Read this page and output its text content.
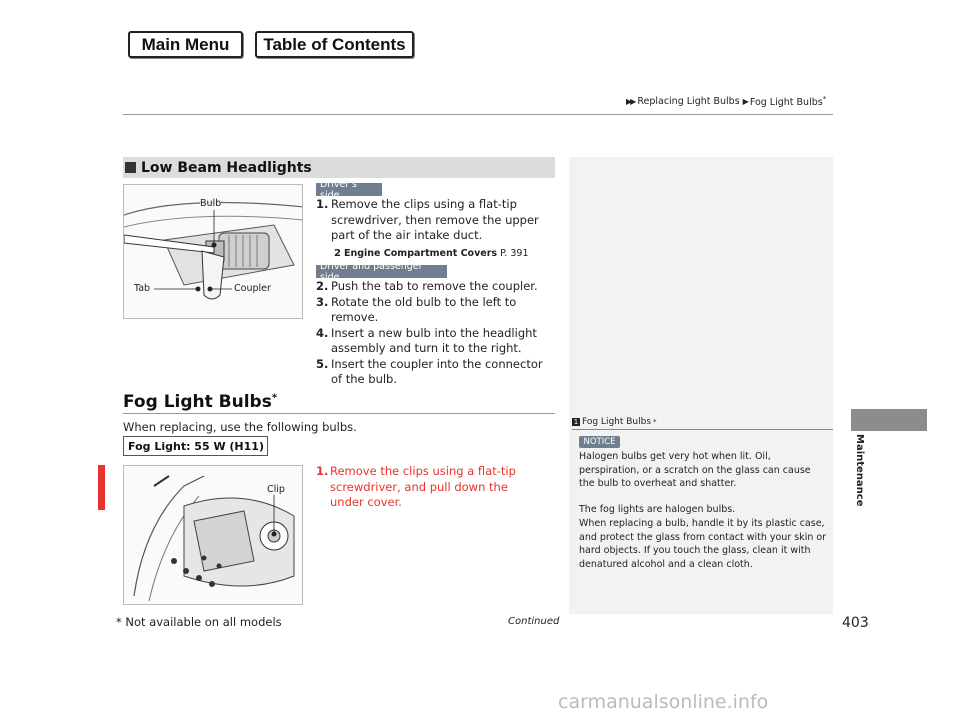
Main Menu	Table of Contents
▶▶ Replacing Light Bulbs ▶ Fog Light Bulbs*
Low Beam Headlights
Bulb
Tab	Coupler
Driver's side
1. Remove the clips using a flat-tip screwdriver, then remove the upper part of the air intake duct.
2 Engine Compartment Covers P. 391
Driver and passenger side
2. Push the tab to remove the coupler.
3. Rotate the old bulb to the left to remove.
4. Insert a new bulb into the headlight assembly and turn it to the right.
5. Insert the coupler into the connector of the bulb.
Fog Light Bulbs*
When replacing, use the following bulbs.
Fog Light: 55 W (H11)
Clip
1. Remove the clips using a flat-tip screwdriver, and pull down the under cover.
1 Fog Light Bulbs *
NOTICE
Halogen bulbs get very hot when lit. Oil, perspiration, or a scratch on the glass can cause the bulb to overheat and shatter.
The fog lights are halogen bulbs.
When replacing a bulb, handle it by its plastic case, and protect the glass from contact with your skin or hard objects. If you touch the glass, clean it with denatured alcohol and a clean cloth.
Continued
* Not available on all models	403
Maintenance
carmanualsonline.info
